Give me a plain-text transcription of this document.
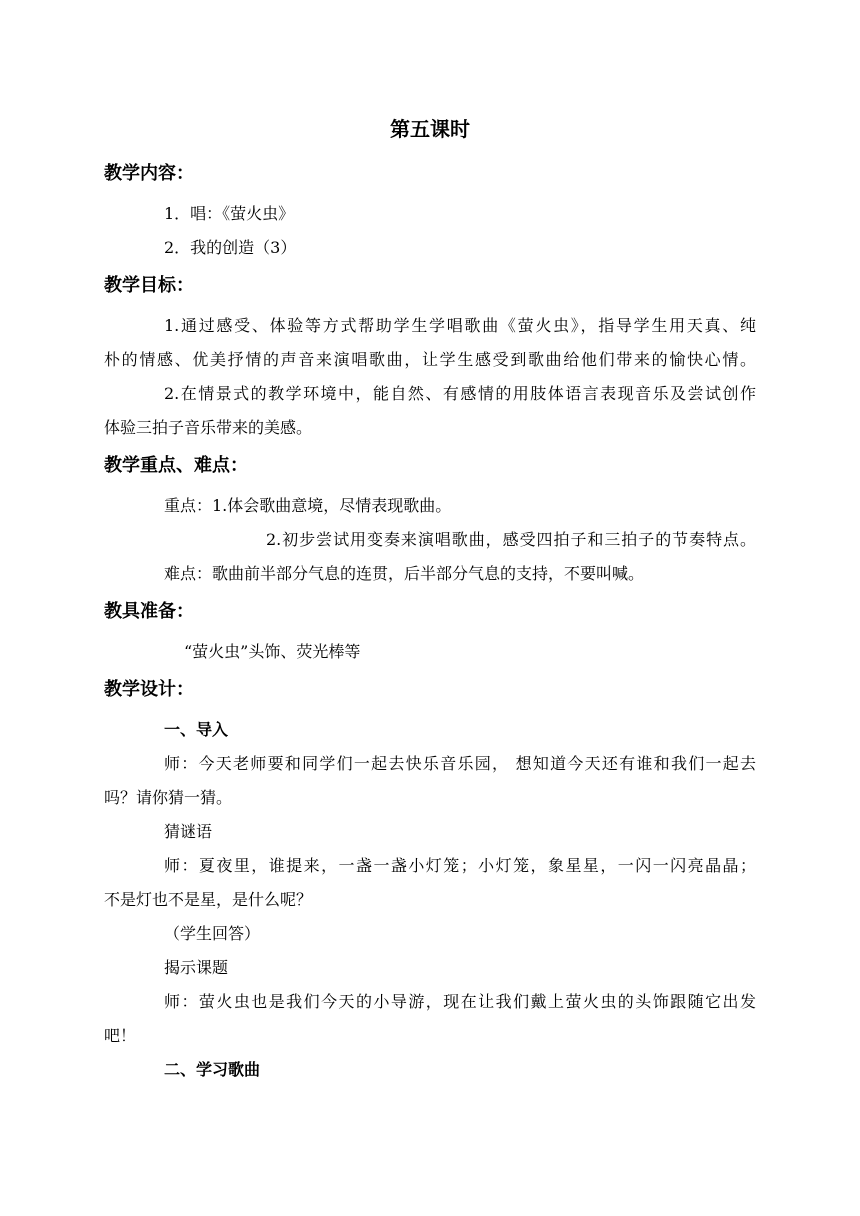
第五课时
教学内容：
1．唱：《萤火虫》
2．我的创造（3）
教学目标：
1.通过感受、体验等方式帮助学生学唱歌曲《萤火虫》，指导学生用天真、纯
朴的情感、优美抒情的声音来演唱歌曲，让学生感受到歌曲给他们带来的愉快心情。
2.在情景式的教学环境中，能自然、有感情的用肢体语言表现音乐及尝试创作
体验三拍子音乐带来的美感。
教学重点、难点：
重点：1.体会歌曲意境，尽情表现歌曲。
2.初步尝试用变奏来演唱歌曲，感受四拍子和三拍子的节奏特点。
难点：歌曲前半部分气息的连贯，后半部分气息的支持，不要叫喊。
教具准备：
“萤火虫”头饰、荧光棒等
教学设计：
一、导入
师：今天老师要和同学们一起去快乐音乐园， 想知道今天还有谁和我们一起去
吗？请你猜一猜。
猜谜语
师：夏夜里，谁提来，一盏一盏小灯笼；小灯笼，象星星，一闪一闪亮晶晶；
不是灯也不是星，是什么呢？
（学生回答）
揭示课题
师：萤火虫也是我们今天的小导游，现在让我们戴上萤火虫的头饰跟随它出发
吧！
二、学习歌曲
